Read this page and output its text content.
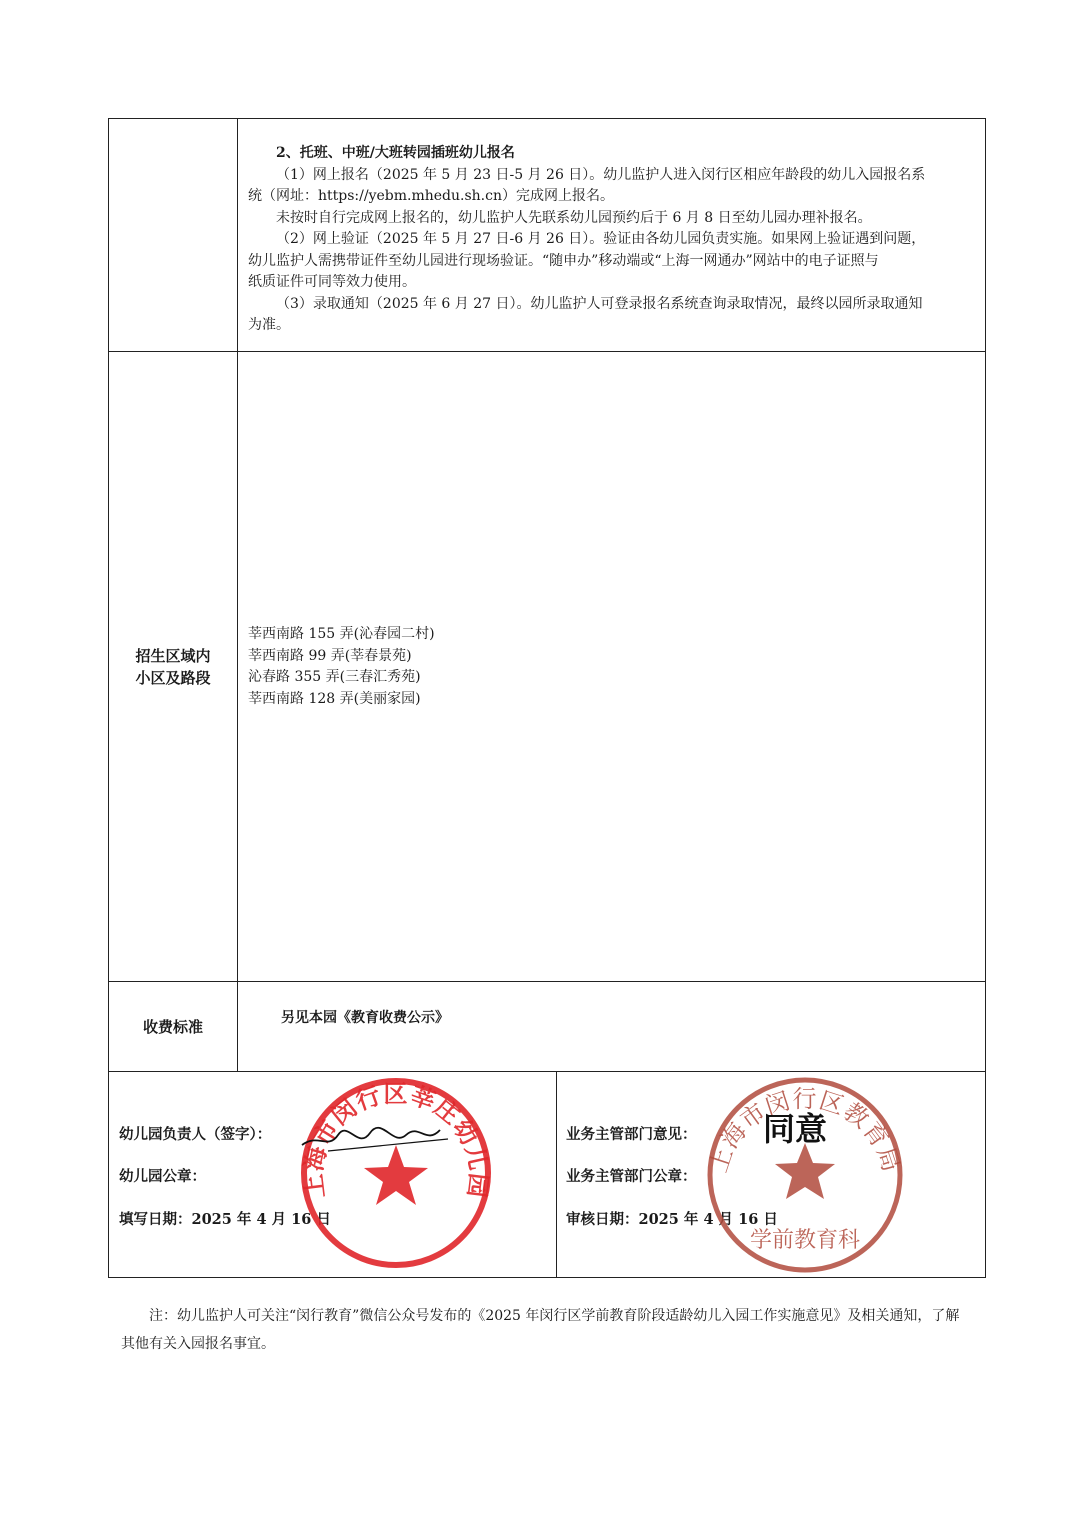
2、托班、中班/大班转园插班幼儿报名

（1）网上报名（2025 年 5 月 23 日-5 月 26 日）。幼儿监护人进入闵行区相应年龄段的幼儿入园报名系

统（网址：https://yebm.mhedu.sh.cn）完成网上报名。

未按时自行完成网上报名的，幼儿监护人先联系幼儿园预约后于 6 月 8 日至幼儿园办理补报名。

（2）网上验证（2025 年 5 月 27 日-6 月 26 日）。验证由各幼儿园负责实施。如果网上验证遇到问题，

幼儿监护人需携带证件至幼儿园进行现场验证。“随申办”移动端或“上海一网通办”网站中的电子证照与

纸质证件可同等效力使用。

（3）录取通知（2025 年 6 月 27 日）。幼儿监护人可登录报名系统查询录取情况，最终以园所录取通知

为准。

招生区域内
小区及路段
莘西南路 155 弄(沁春园二村)
莘西南路 99 弄(莘春景苑)
沁春路 355 弄(三春汇秀苑)
莘西南路 128 弄(美丽家园)
收费标准	另见本园《教育收费公示》
幼儿园负责人（签字）：
幼儿园公章：
填写日期：2025 年 4 月 16 日
业务主管部门意见：
业务主管部门公章：
审核日期：2025 年 4 月 16 日
上海市闵行区莘庄幼儿园
上海市闵行区教育局
学前教育科
同意
注：幼儿监护人可关注“闵行教育”微信公众号发布的《2025 年闵行区学前教育阶段适龄幼儿入园工作实施意见》及相关通知，了解其他有关入园报名事宜。
